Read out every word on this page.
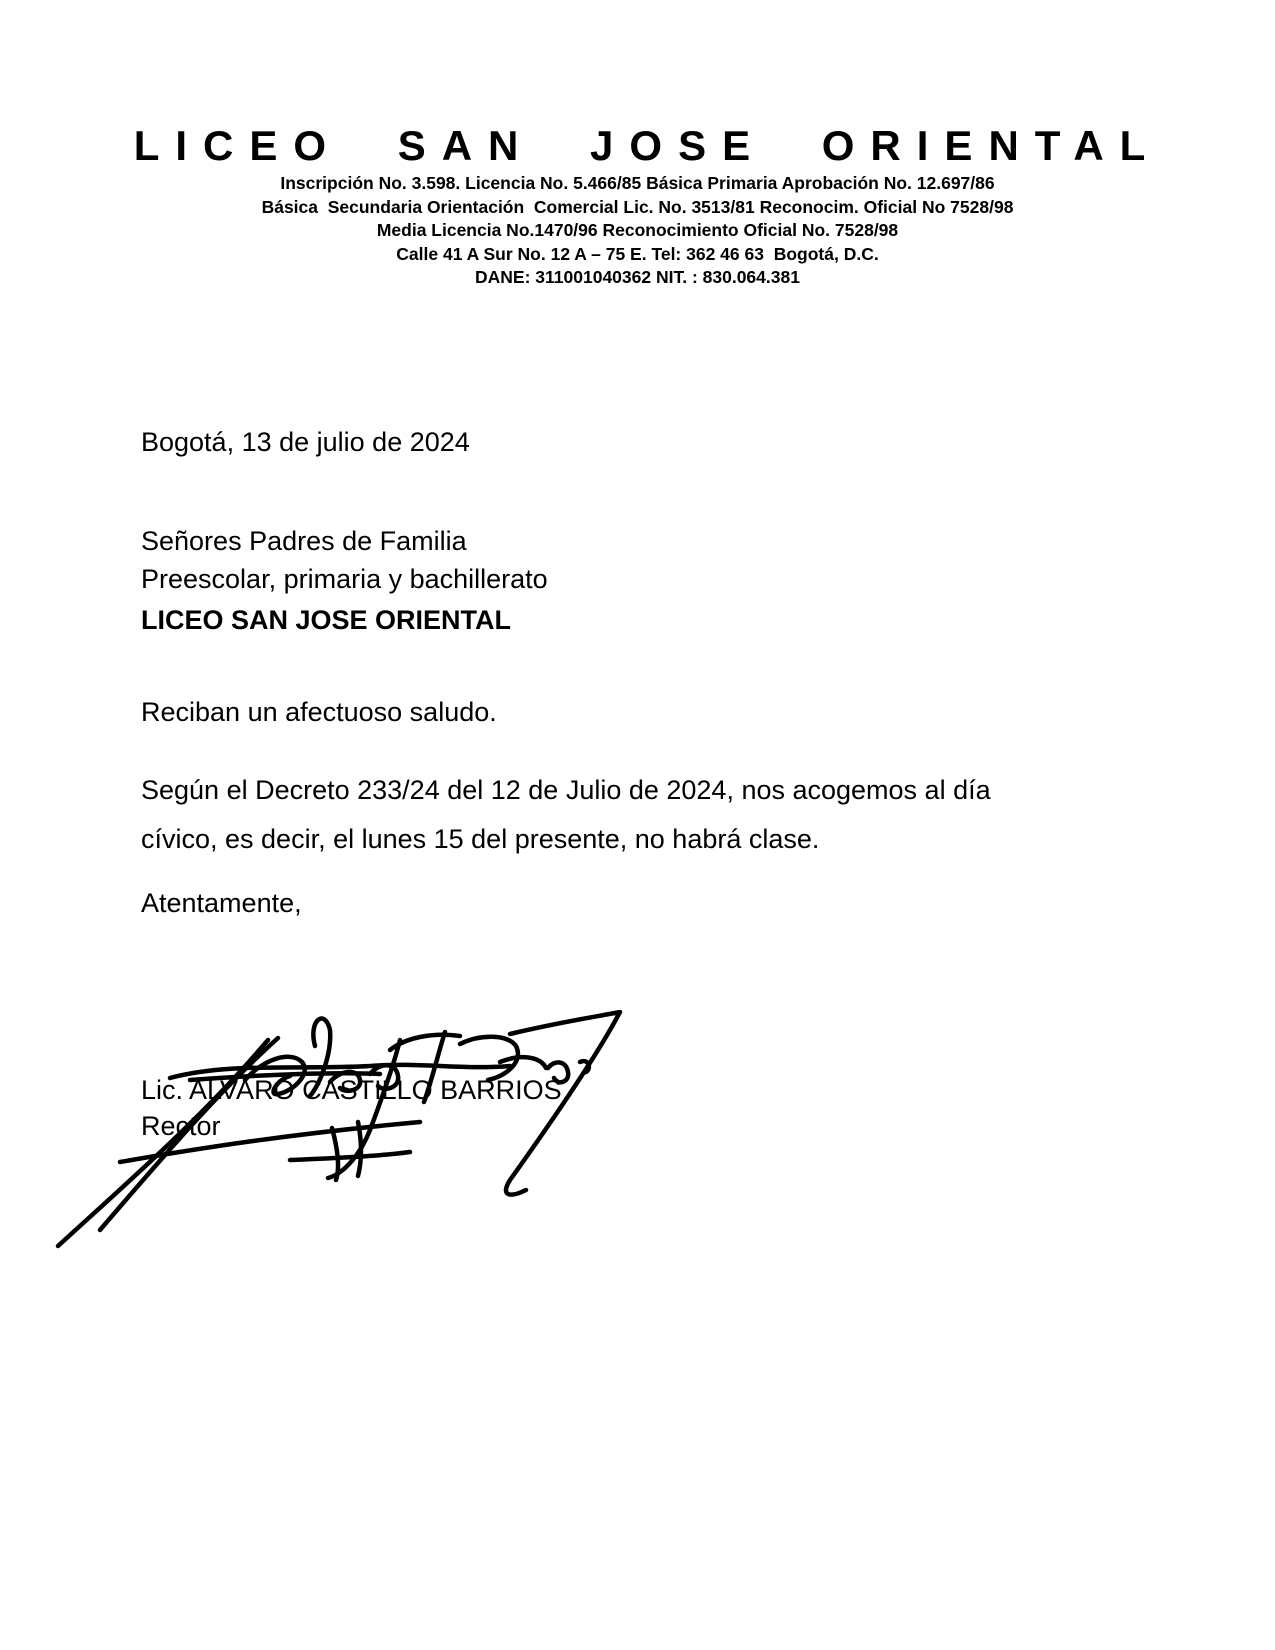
LICEO SAN JOSE ORIENTAL
Inscripción No. 3.598. Licencia No. 5.466/85 Básica Primaria Aprobación No. 12.697/86
Básica  Secundaria Orientación  Comercial Lic. No. 3513/81 Reconocim. Oficial No 7528/98
Media Licencia No.1470/96 Reconocimiento Oficial No. 7528/98
Calle 41 A Sur No. 12 A – 75 E. Tel: 362 46 63  Bogotá, D.C.
DANE: 311001040362 NIT. : 830.064.381

Bogotá, 13 de julio de 2024

Señores Padres de Familia

Preescolar, primaria y bachillerato

LICEO SAN JOSE ORIENTAL

Reciban un afectuoso saludo.

Según el Decreto 233/24 del 12 de Julio de 2024, nos acogemos al día

cívico, es decir, el lunes 15 del presente, no habrá clase.

Atentamente,

Lic. ALVARO CASTILLO BARRIOS

Rector
